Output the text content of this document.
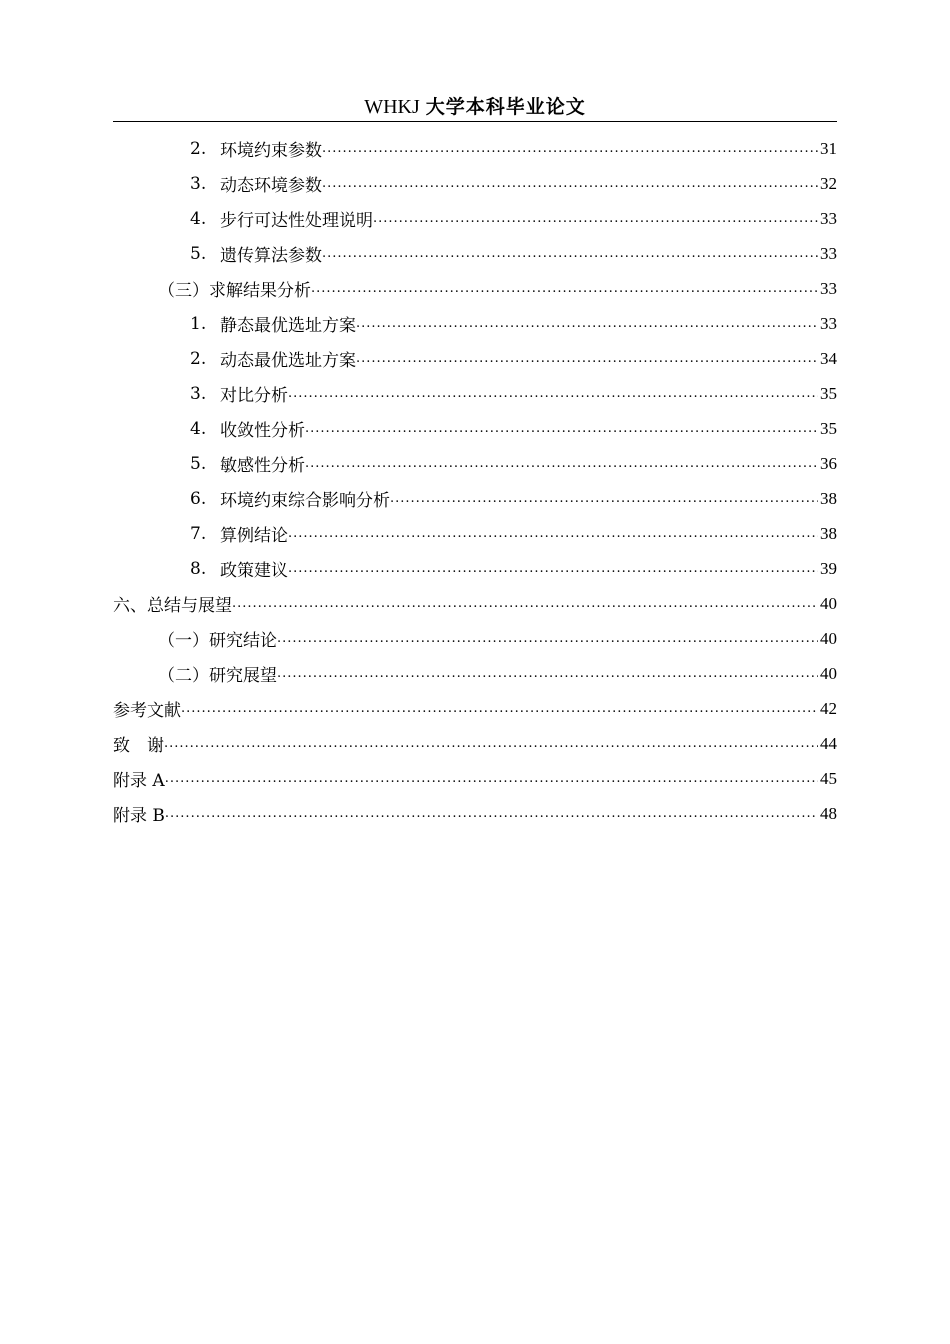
WHKJ 大学本科毕业论文
2. 环境约束参数 .....	31
3. 动态环境参数 .....	32
4. 步行可达性处理说明 .....	33
5. 遗传算法参数 .....	33
（三）求解结果分析 .....	33
1. 静态最优选址方案 .....	33
2. 动态最优选址方案 .....	34
3. 对比分析 .....	35
4. 收敛性分析 .....	35
5. 敏感性分析 .....	36
6. 环境约束综合影响分析 .....	38
7. 算例结论 .....	38
8. 政策建议 .....	39
六、总结与展望 .....	40
（一）研究结论 .....	40
（二）研究展望 .....	40
参考文献 .....	42
致　谢 .....	44
附录 A .....	45
附录 B .....	48
